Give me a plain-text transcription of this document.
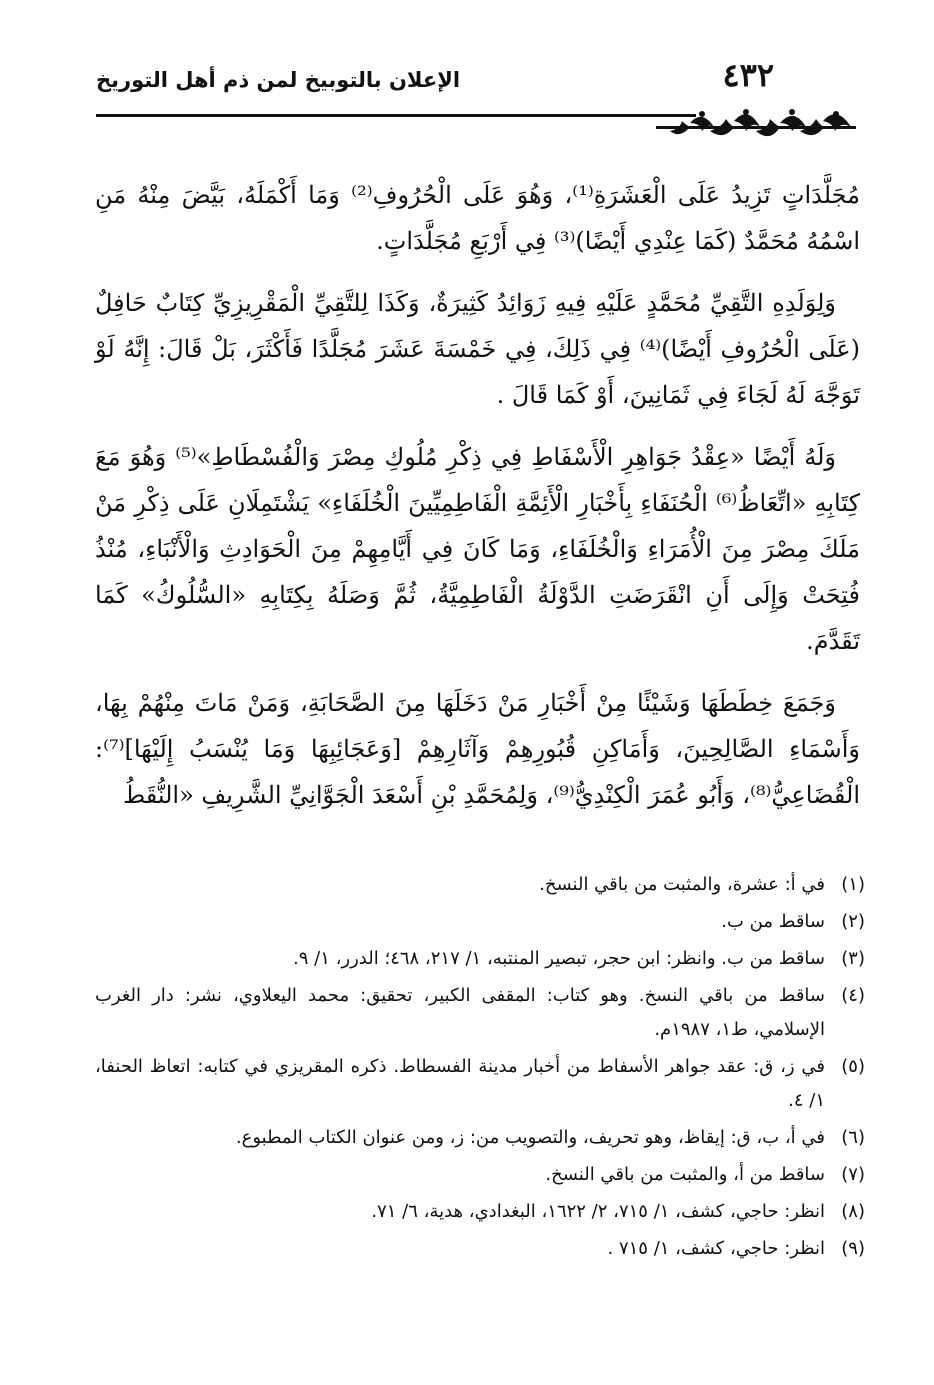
٤٣٢
الإعلان بالتوبيخ لمن ذم أهل التوريخ

مُجَلَّدَاتٍ تَزِيدُ عَلَى الْعَشَرَةِ⁽¹⁾، وَهُوَ عَلَى الْحُرُوفِ⁽²⁾ وَمَا أَكْمَلَهُ، بَيَّضَ مِنْهُ مَنِ اسْمُهُ مُحَمَّدٌ (كَمَا عِنْدِي أَيْضًا)⁽³⁾ فِي أَرْبَعِ مُجَلَّدَاتٍ.

وَلِوَلَدِهِ التَّقِيِّ مُحَمَّدٍ عَلَيْهِ فِيهِ زَوَائِدُ كَثِيرَةٌ، وَكَذَا لِلتَّقِيِّ الْمَقْرِيزِيِّ كِتَابٌ حَافِلٌ (عَلَى الْحُرُوفِ أَيْضًا)⁽⁴⁾ فِي ذَلِكَ، فِي خَمْسَةَ عَشَرَ مُجَلَّدًا فَأَكْثَرَ، بَلْ قَالَ: إِنَّهُ لَوْ تَوَجَّهَ لَهُ لَجَاءَ فِي ثَمَانِينَ، أَوْ كَمَا قَالَ .

وَلَهُ أَيْضًا «عِقْدُ جَوَاهِرِ الْأَسْفَاطِ فِي ذِكْرِ مُلُوكِ مِصْرَ وَالْفُسْطَاطِ»⁽⁵⁾ وَهُوَ مَعَ كِتَابِهِ «اتِّعَاظُ⁽⁶⁾ الْحُنَفَاءِ بِأَخْبَارِ الْأَئِمَّةِ الْفَاطِمِيِّينَ الْخُلَفَاءِ» يَشْتَمِلَانِ عَلَى ذِكْرِ مَنْ مَلَكَ مِصْرَ مِنَ الْأُمَرَاءِ وَالْخُلَفَاءِ، وَمَا كَانَ فِي أَيَّامِهِمْ مِنَ الْحَوَادِثِ وَالْأَنْبَاءِ، مُنْذُ فُتِحَتْ وَإِلَى أَنِ انْقَرَضَتِ الدَّوْلَةُ الْفَاطِمِيَّةُ، ثُمَّ وَصَلَهُ بِكِتَابِهِ «السُّلُوكُ» كَمَا تَقَدَّمَ.

وَجَمَعَ خِطَطَهَا وَشَيْئًا مِنْ أَخْبَارِ مَنْ دَخَلَهَا مِنَ الصَّحَابَةِ، وَمَنْ مَاتَ مِنْهُمْ بِهَا، وَأَسْمَاءِ الصَّالِحِينَ، وَأَمَاكِنِ قُبُورِهِمْ وَآثَارِهِمْ [وَعَجَائِبِهَا وَمَا يُنْسَبُ إِلَيْهَا]⁽⁷⁾: الْقُضَاعِيُّ⁽⁸⁾، وَأَبُو عُمَرَ الْكِنْدِيُّ⁽⁹⁾، وَلِمُحَمَّدِ بْنِ أَسْعَدَ الْجَوَّانِيِّ الشَّرِيفِ «النُّقَطُ

(١)
في أ: عشرة، والمثبت من باقي النسخ.
(٢)
ساقط من ب.
(٣)
ساقط من ب. وانظر: ابن حجر، تبصير المنتبه، ١/ ٢١٧، ٤٦٨؛ الدرر، ١/ ٩.
(٤)
ساقط من باقي النسخ. وهو كتاب: المقفى الكبير، تحقيق: محمد اليعلاوي، نشر: دار الغرب الإسلامي، ط١، ١٩٨٧م.
(٥)
في ز، ق: عقد جواهر الأسفاط من أخبار مدينة الفسطاط. ذكره المقريزي في كتابه: اتعاظ الحنفا، ١/ ٤.
(٦)
في أ، ب، ق: إيقاظ، وهو تحريف، والتصويب من: ز، ومن عنوان الكتاب المطبوع.
(٧)
ساقط من أ، والمثبت من باقي النسخ.
(٨)
انظر: حاجي، كشف، ١/ ٧١٥، ٢/ ١٦٢٢، البغدادي، هدية، ٦/ ٧١.
(٩)
انظر: حاجي، كشف، ١/ ٧١٥ .
